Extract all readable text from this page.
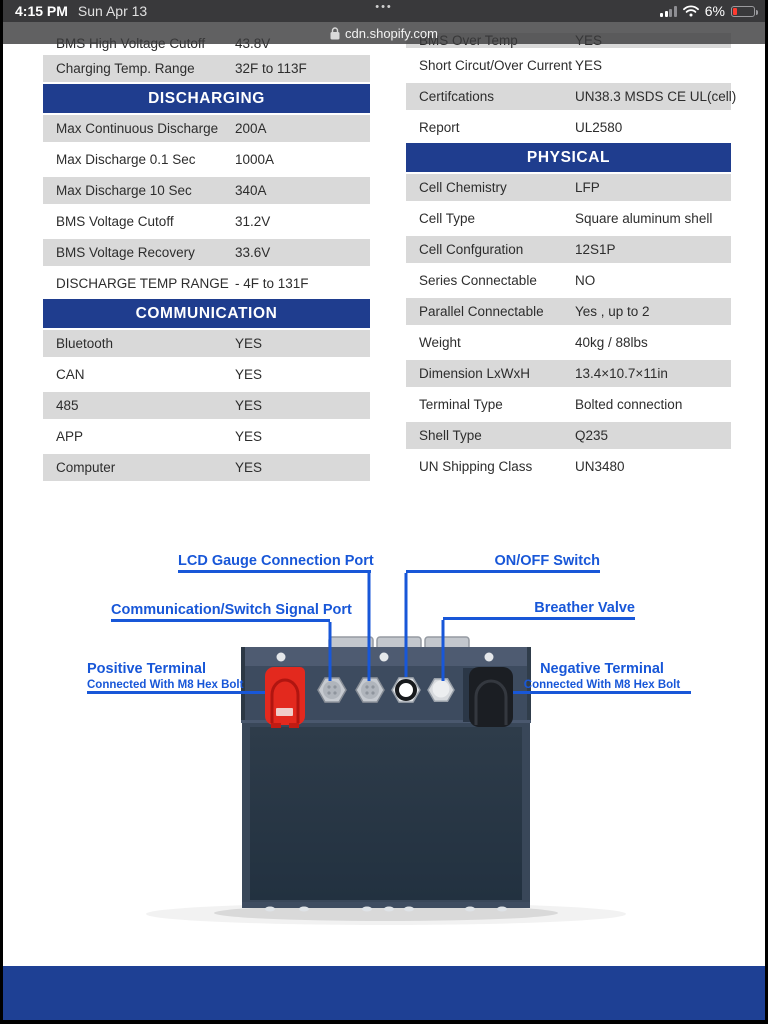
Charging Temp. Range	32F to 113F
DISCHARGING
Max Continuous Discharge	200A
Max Discharge 0.1 Sec	1000A
Max Discharge 10 Sec	340A
BMS Voltage Cutoff	31.2V
BMS Voltage Recovery	33.6V
DISCHARGE TEMP RANGE - 4F to 131F
COMMUNICATION
Bluetooth	YES
CAN	YES
485	YES
APP	YES
Computer	YES
Short Circut/Over Current YES
Certifcations	UN38.3 MSDS CE UL(cell)
Report	UL2580
PHYSICAL
Cell Chemistry	LFP
Cell Type	Square aluminum shell
Cell Confguration	12S1P
Series Connectable	NO
Parallel Connectable	Yes , up to 2
Weight	40kg / 88lbs
Dimension LxWxH	13.4×10.7×11in
Terminal Type	Bolted connection
Shell Type	Q235
UN Shipping Class	UN3480
LCD Gauge Connection Port	ON/OFF Switch
Communication/Switch Signal Port	Breather Valve
Positive Terminal
Connected With M8 Hex Bolt
Negative Terminal
Connected With M8 Hex Bolt
4:15 PM Sun Apr 13	•••	6%
cdn.shopify.com
